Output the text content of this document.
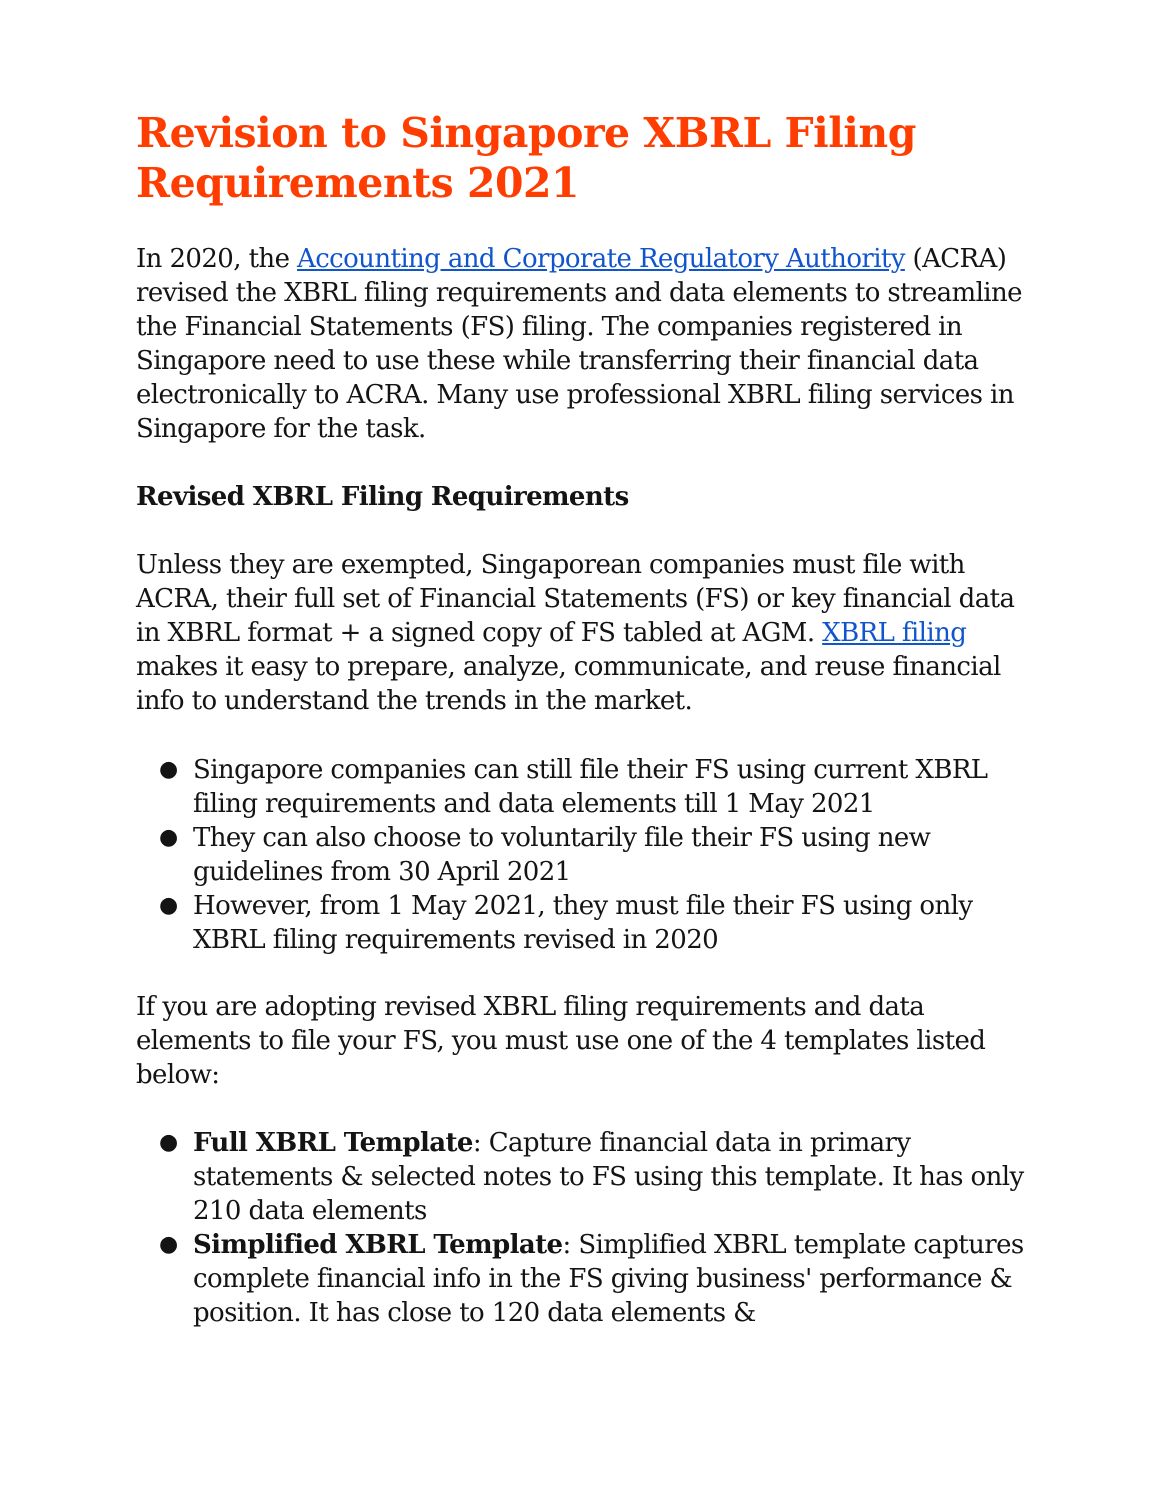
Revision to Singapore XBRL Filing Requirements 2021

In 2020, the Accounting and Corporate Regulatory Authority (ACRA) revised the XBRL filing requirements and data elements to streamline the Financial Statements (FS) filing. The companies registered in Singapore need to use these while transferring their financial data electronically to ACRA. Many use professional XBRL filing services in Singapore for the task.

Revised XBRL Filing Requirements

Unless they are exempted, Singaporean companies must file with ACRA, their full set of Financial Statements (FS) or key financial data in XBRL format + a signed copy of FS tabled at AGM. XBRL filing makes it easy to prepare, analyze, communicate, and reuse financial info to understand the trends in the market.

● Singapore companies can still file their FS using current XBRL filing requirements and data elements till 1 May 2021
● They can also choose to voluntarily file their FS using new guidelines from 30 April 2021
● However, from 1 May 2021, they must file their FS using only XBRL filing requirements revised in 2020

If you are adopting revised XBRL filing requirements and data elements to file your FS, you must use one of the 4 templates listed below:

● Full XBRL Template: Capture financial data in primary statements & selected notes to FS using this template. It has only 210 data elements
● Simplified XBRL Template: Simplified XBRL template captures complete financial info in the FS giving business' performance & position. It has close to 120 data elements &
